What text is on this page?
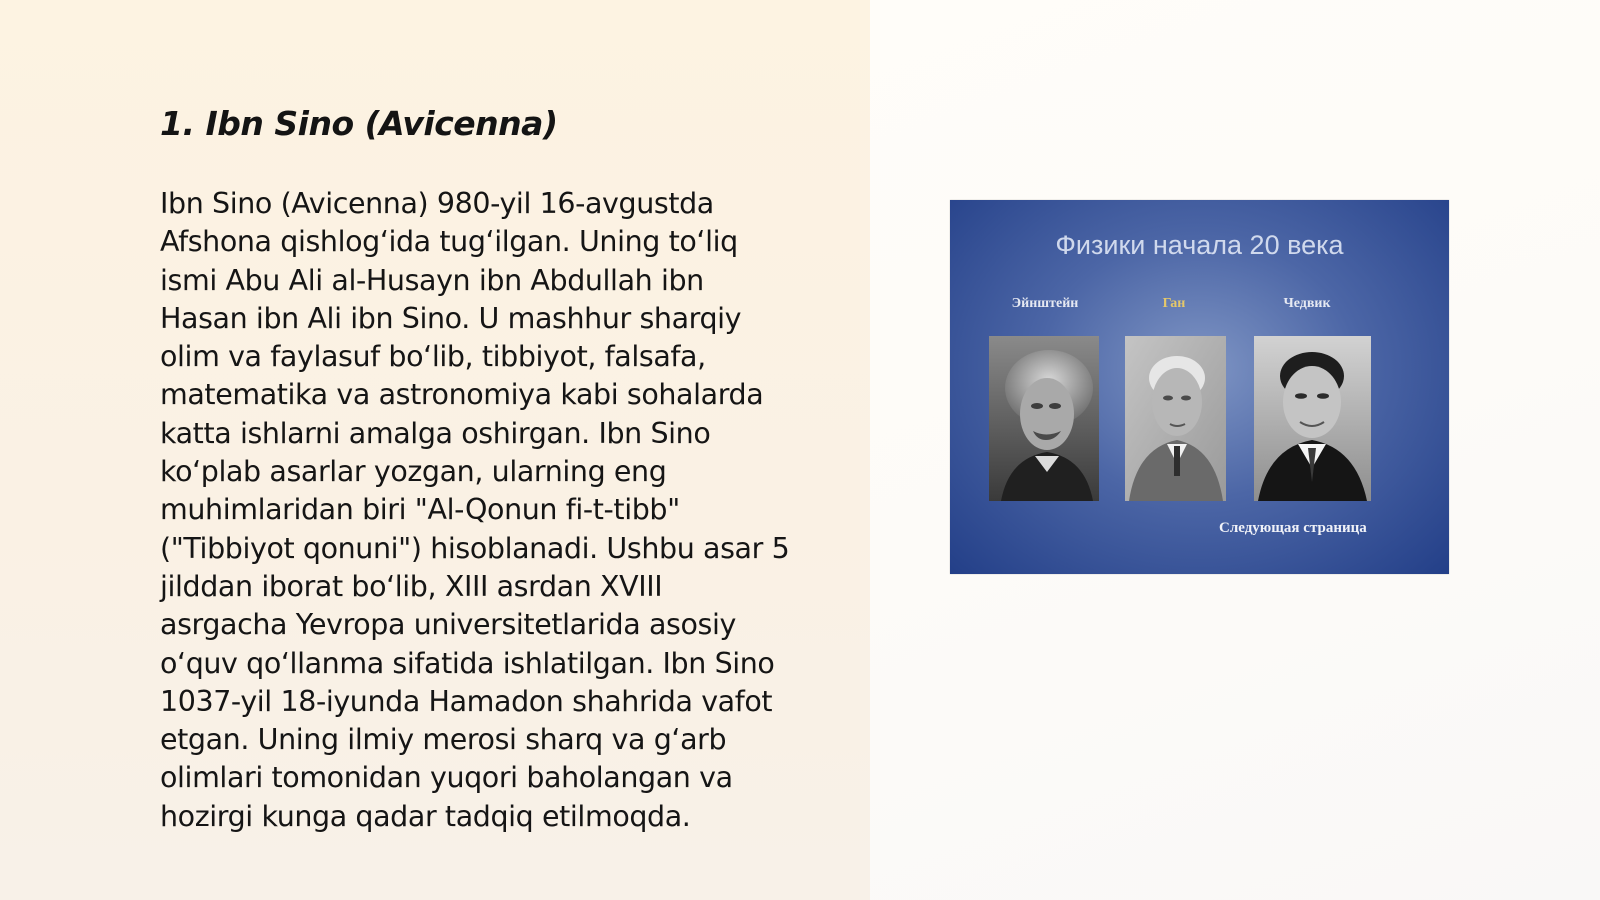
1. Ibn Sino (Avicenna)

Ibn Sino (Avicenna) 980-yil 16-avgustda
Afshona qishlog‘ida tug‘ilgan. Uning to‘liq
ismi Abu Ali al-Husayn ibn Abdullah ibn
Hasan ibn Ali ibn Sino. U mashhur sharqiy
olim va faylasuf bo‘lib, tibbiyot, falsafa,
matematika va astronomiya kabi sohalarda
katta ishlarni amalga oshirgan. Ibn Sino
ko‘plab asarlar yozgan, ularning eng
muhimlaridan biri "Al-Qonun fi-t-tibb"
("Tibbiyot qonuni") hisoblanadi. Ushbu asar 5
jilddan iborat bo‘lib, XIII asrdan XVIII
asrgacha Yevropa universitetlarida asosiy
o‘quv qo‘llanma sifatida ishlatilgan. Ibn Sino
1037-yil 18-iyunda Hamadon shahrida vafot
etgan. Uning ilmiy merosi sharq va g‘arb
olimlari tomonidan yuqori baholangan va
hozirgi kunga qadar tadqiq etilmoqda.

Физики начала 20 века
Эйнштейн	Ган	Чедвик
Следующая страница
